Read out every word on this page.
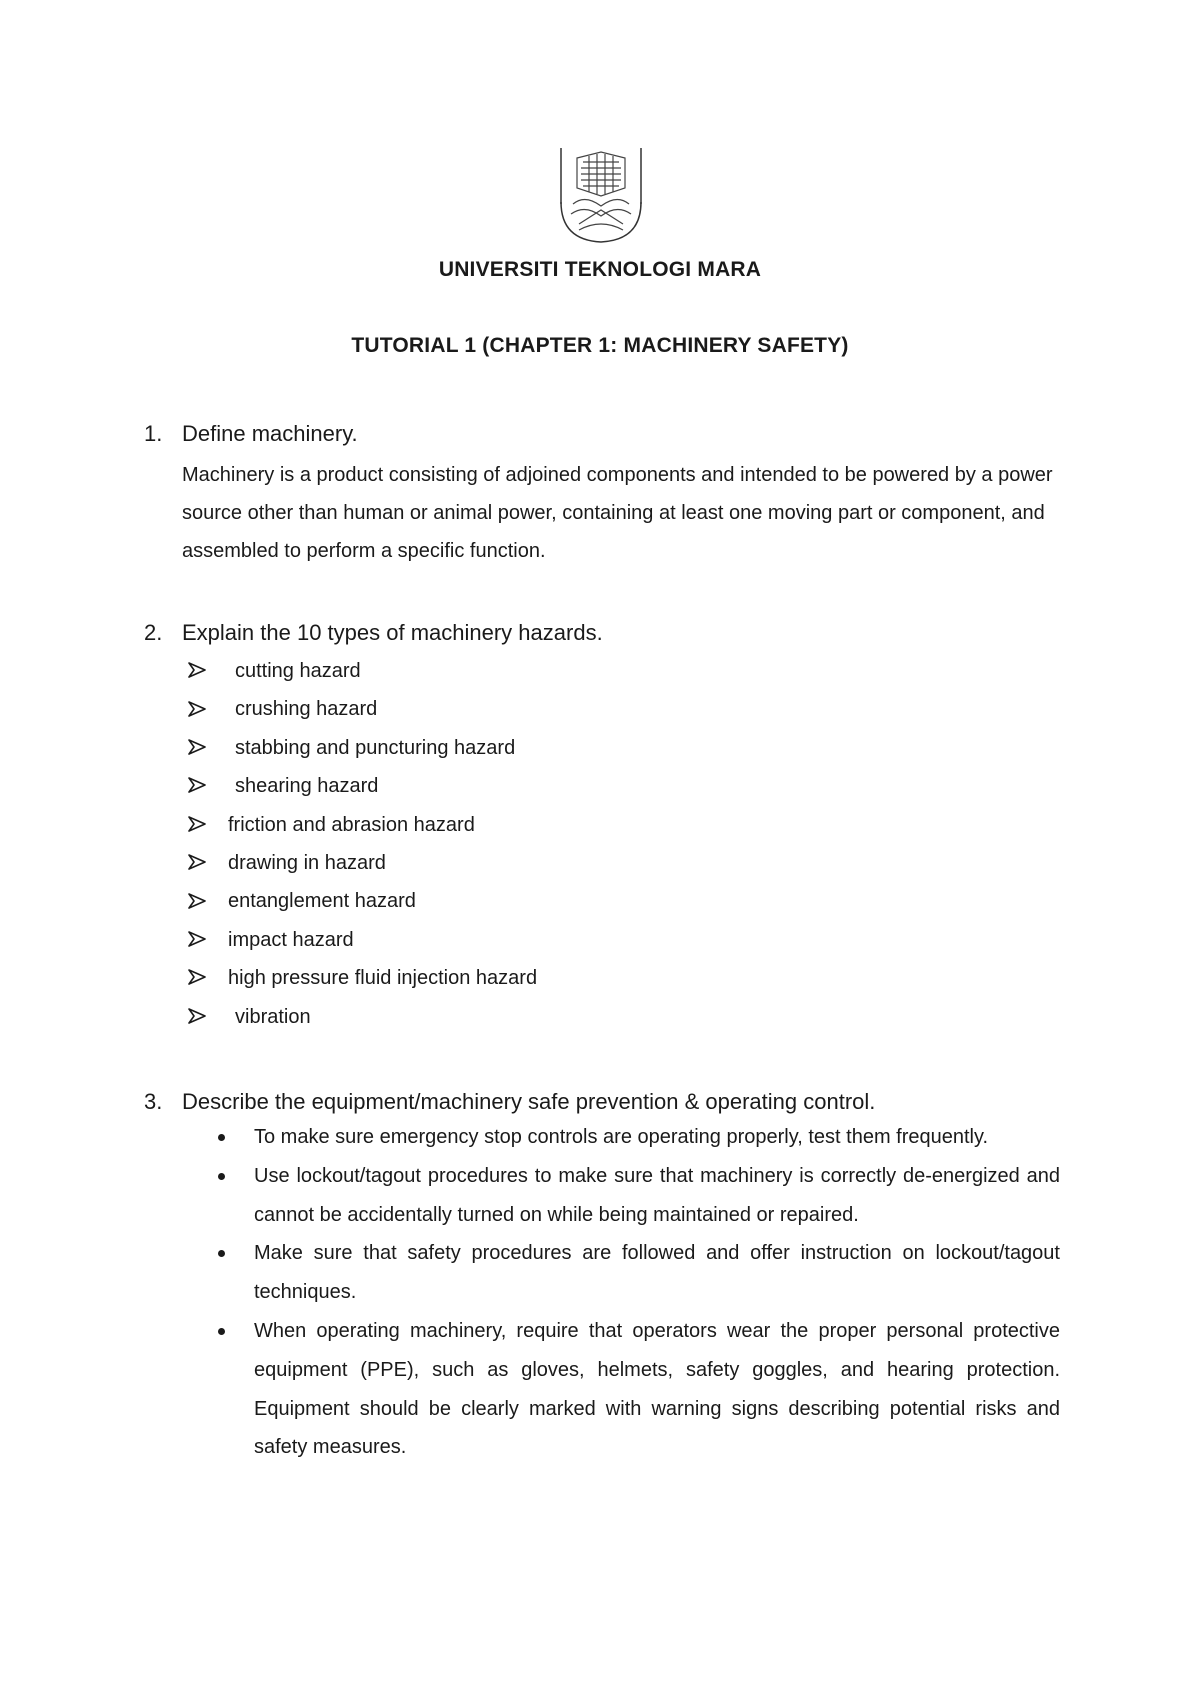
UNIVERSITI TEKNOLOGI MARA
TUTORIAL 1 (CHAPTER 1: MACHINERY SAFETY)
1. Define machinery.
Machinery is a product consisting of adjoined components and intended to be powered by a power source other than human or animal power, containing at least one moving part or component, and assembled to perform a specific function.
2. Explain the 10 types of machinery hazards.
cutting hazard
crushing hazard
stabbing and puncturing hazard
shearing hazard
friction and abrasion hazard
drawing in hazard
entanglement hazard
impact hazard
high pressure fluid injection hazard
vibration
3. Describe the equipment/machinery safe prevention & operating control.
To make sure emergency stop controls are operating properly, test them frequently.
Use lockout/tagout procedures to make sure that machinery is correctly de-energized and cannot be accidentally turned on while being maintained or repaired.
Make sure that safety procedures are followed and offer instruction on lockout/tagout techniques.
When operating machinery, require that operators wear the proper personal protective equipment (PPE), such as gloves, helmets, safety goggles, and hearing protection. Equipment should be clearly marked with warning signs describing potential risks and safety measures.
